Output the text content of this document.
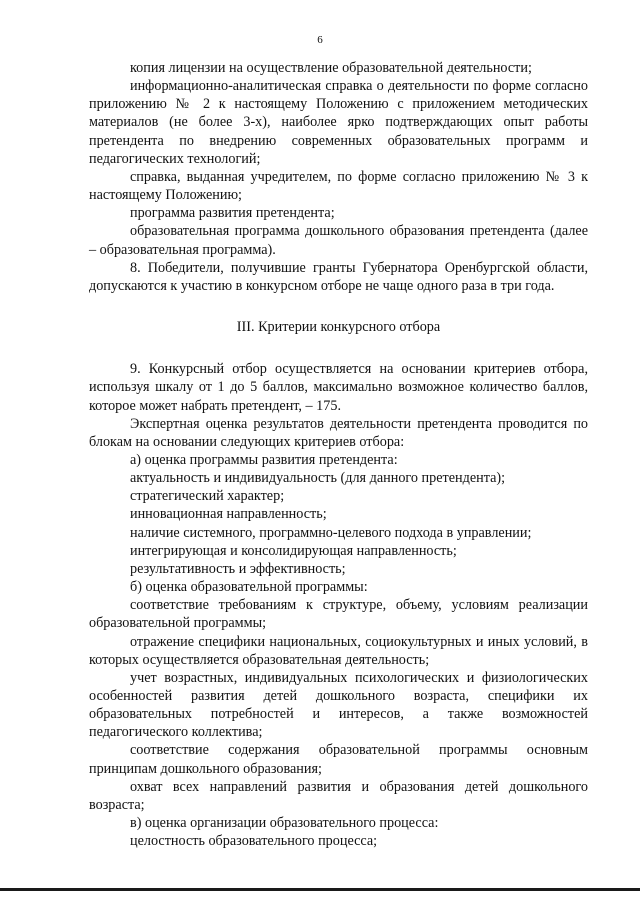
6

копия лицензии на осуществление образовательной деятельности;

информационно-аналитическая справка о деятельности по форме согласно приложению № 2 к настоящему Положению с приложением методических материалов (не более 3-х), наиболее ярко подтверждающих опыт работы претендента по внедрению современных образовательных программ и педагогических технологий;

справка, выданная учредителем, по форме согласно приложению № 3 к настоящему Положению;

программа развития претендента;

образовательная программа дошкольного образования претендента (далее – образовательная программа).

8. Победители, получившие гранты Губернатора Оренбургской области, допускаются к участию в конкурсном отборе не чаще одного раза в три года.

III. Критерии конкурсного отбора

9. Конкурсный отбор осуществляется на основании критериев отбора, используя шкалу от 1 до 5 баллов, максимально возможное количество баллов, которое может набрать претендент, – 175.

Экспертная оценка результатов деятельности претендента проводится по блокам на основании следующих критериев отбора:

а) оценка программы развития претендента:

актуальность и индивидуальность (для данного претендента);

стратегический характер;

инновационная направленность;

наличие системного, программно-целевого подхода в управлении;

интегрирующая и консолидирующая направленность;

результативность и эффективность;

б) оценка образовательной программы:

соответствие требованиям к структуре, объему, условиям реализации образовательной программы;

отражение специфики национальных, социокультурных и иных условий, в которых осуществляется образовательная деятельность;

учет возрастных, индивидуальных психологических и физиологических особенностей развития детей дошкольного возраста, специфики их образовательных потребностей и интересов, а также возможностей педагогического коллектива;

соответствие содержания образовательной программы основным принципам дошкольного образования;

охват всех направлений развития и образования детей дошкольного возраста;

в) оценка организации образовательного процесса:

целостность образовательного процесса;
